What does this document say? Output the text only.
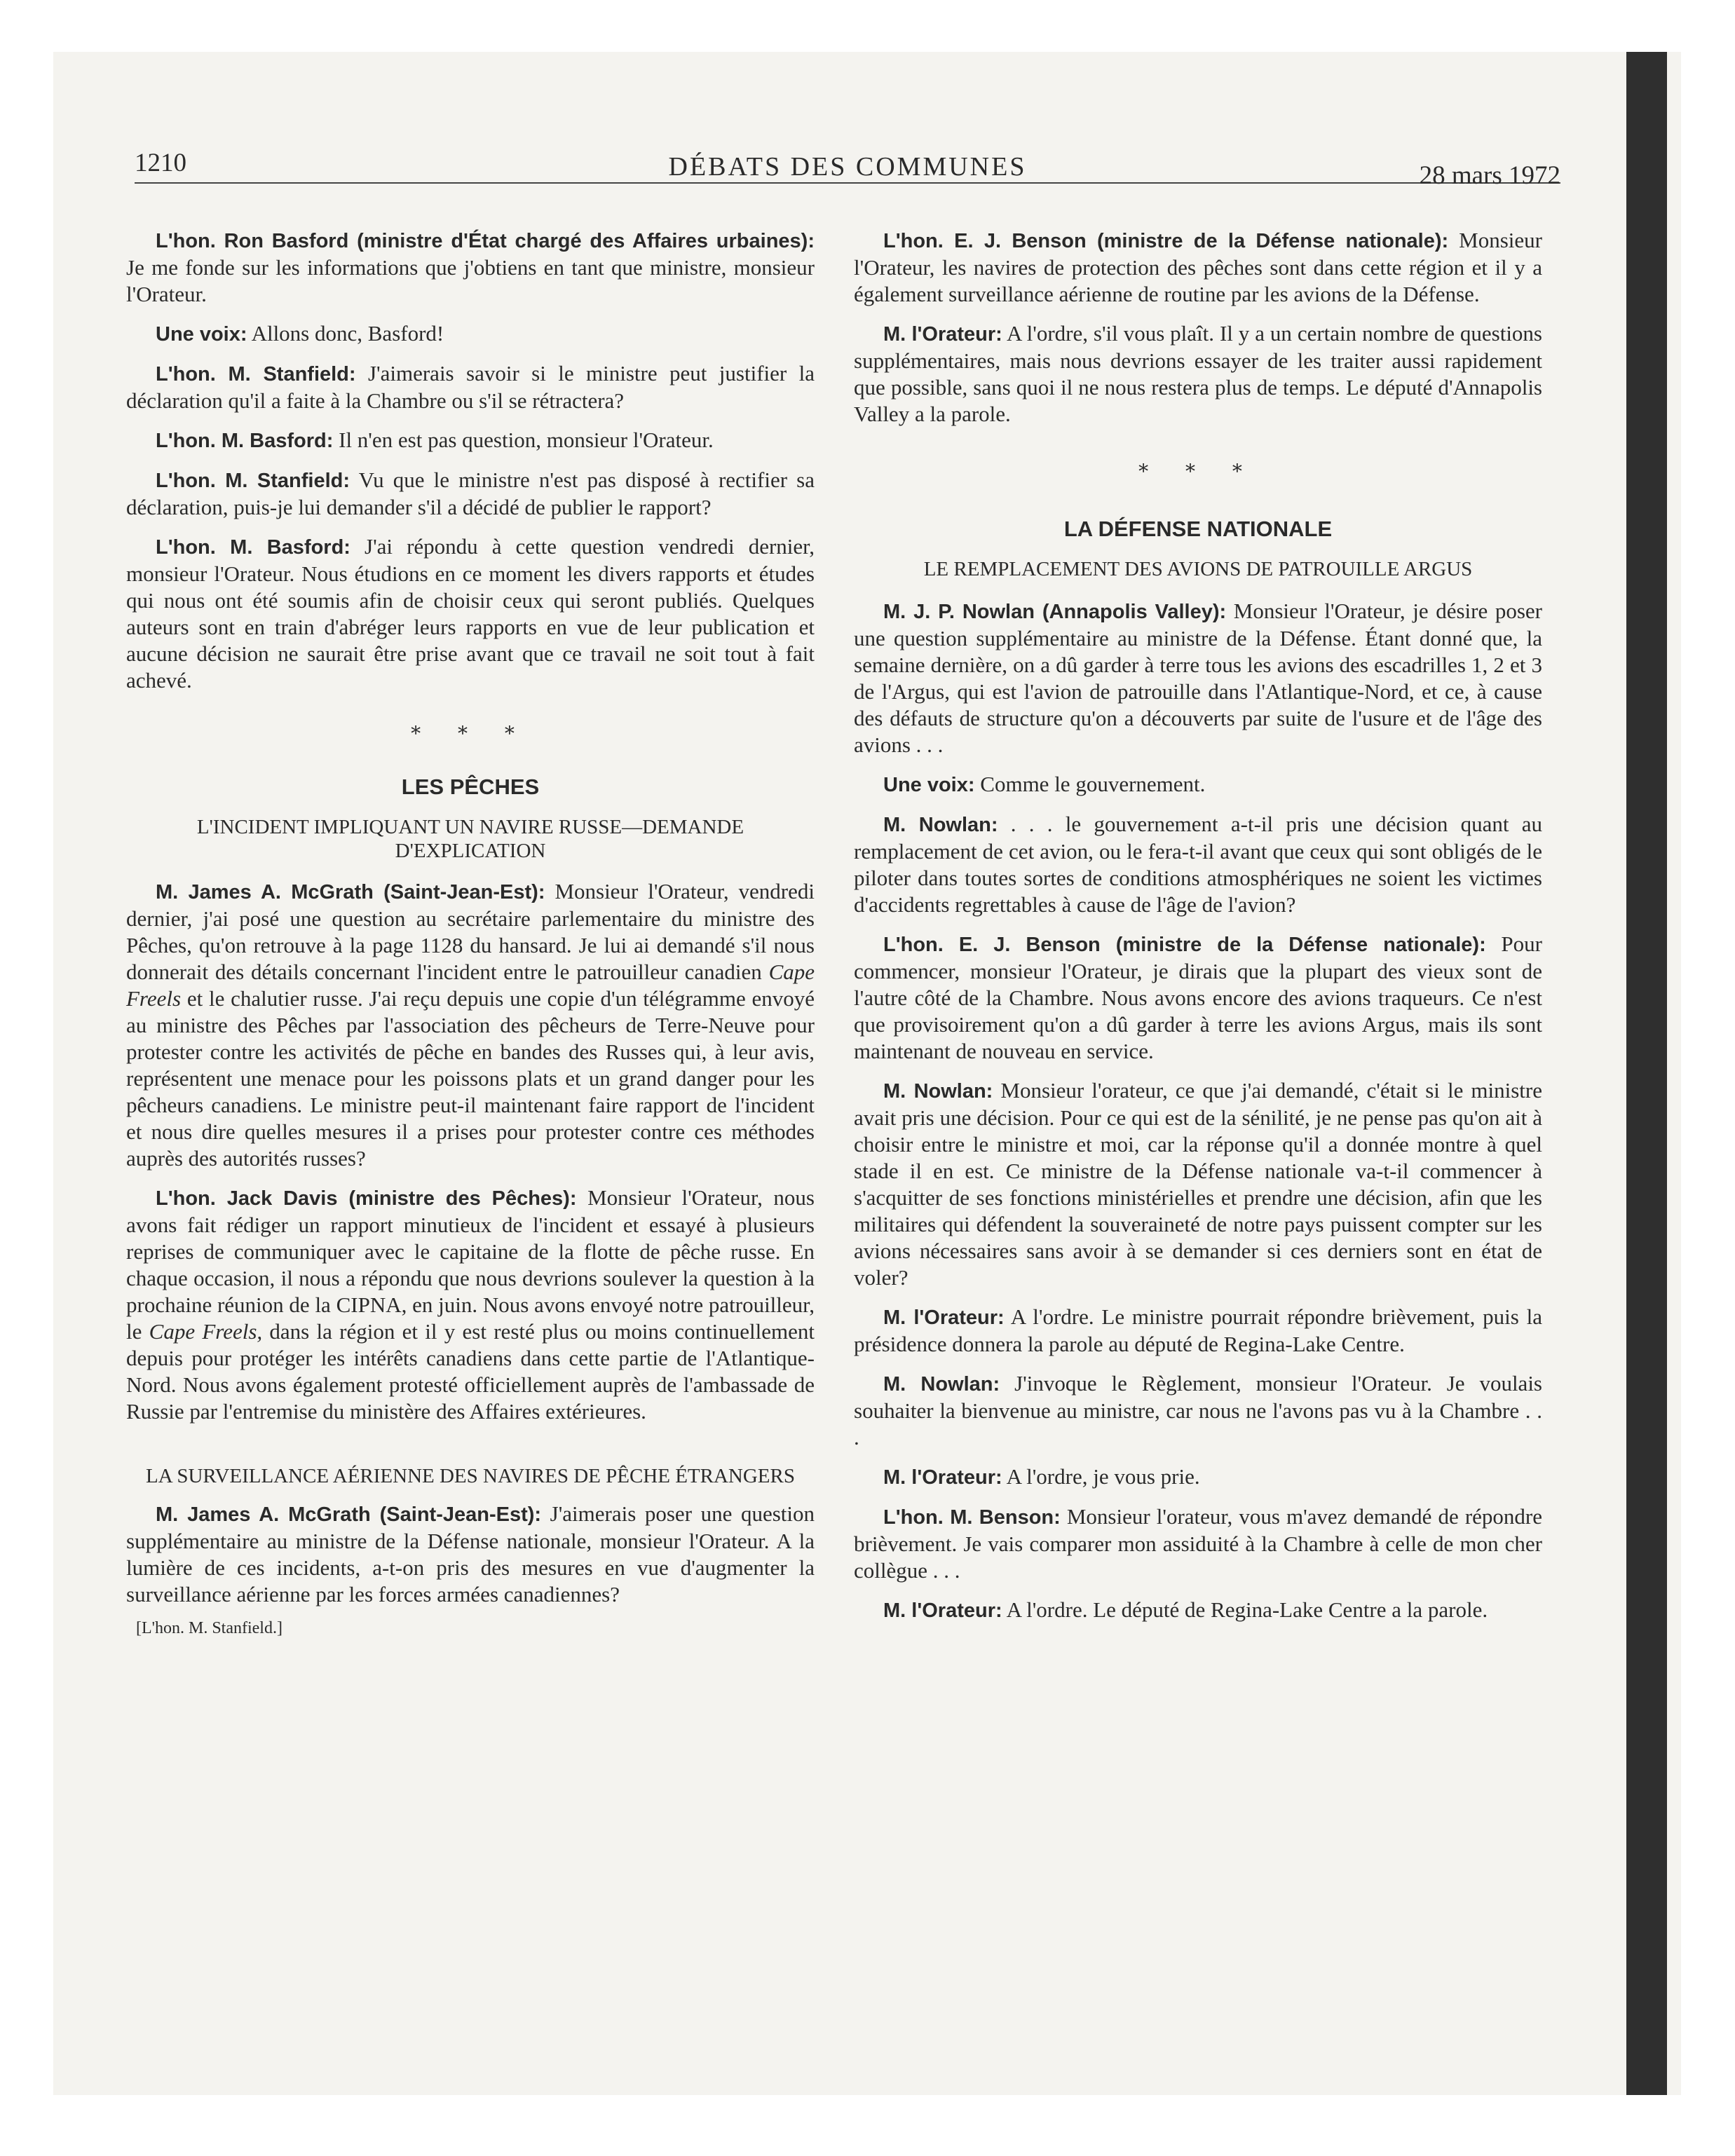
1210	DÉBATS DES COMMUNES	28 mars 1972

L'hon. Ron Basford (ministre d'État chargé des Affaires urbaines): Je me fonde sur les informations que j'obtiens en tant que ministre, monsieur l'Orateur.

Une voix: Allons donc, Basford!

L'hon. M. Stanfield: J'aimerais savoir si le ministre peut justifier la déclaration qu'il a faite à la Chambre ou s'il se rétractera?

L'hon. M. Basford: Il n'en est pas question, monsieur l'Orateur.

L'hon. M. Stanfield: Vu que le ministre n'est pas disposé à rectifier sa déclaration, puis-je lui demander s'il a décidé de publier le rapport?

L'hon. M. Basford: J'ai répondu à cette question vendredi dernier, monsieur l'Orateur. Nous étudions en ce moment les divers rapports et études qui nous ont été soumis afin de choisir ceux qui seront publiés. Quelques auteurs sont en train d'abréger leurs rapports en vue de leur publication et aucune décision ne saurait être prise avant que ce travail ne soit tout à fait achevé.

* * *

LES PÊCHES

L'INCIDENT IMPLIQUANT UN NAVIRE RUSSE—DEMANDE D'EXPLICATION

M. James A. McGrath (Saint-Jean-Est): Monsieur l'Orateur, vendredi dernier, j'ai posé une question au secrétaire parlementaire du ministre des Pêches, qu'on retrouve à la page 1128 du hansard. Je lui ai demandé s'il nous donnerait des détails concernant l'incident entre le patrouilleur canadien Cape Freels et le chalutier russe. J'ai reçu depuis une copie d'un télégramme envoyé au ministre des Pêches par l'association des pêcheurs de Terre-Neuve pour protester contre les activités de pêche en bandes des Russes qui, à leur avis, représentent une menace pour les poissons plats et un grand danger pour les pêcheurs canadiens. Le ministre peut-il maintenant faire rapport de l'incident et nous dire quelles mesures il a prises pour protester contre ces méthodes auprès des autorités russes?

L'hon. Jack Davis (ministre des Pêches): Monsieur l'Orateur, nous avons fait rédiger un rapport minutieux de l'incident et essayé à plusieurs reprises de communiquer avec le capitaine de la flotte de pêche russe. En chaque occasion, il nous a répondu que nous devrions soulever la question à la prochaine réunion de la CIPNA, en juin. Nous avons envoyé notre patrouilleur, le Cape Freels, dans la région et il y est resté plus ou moins continuellement depuis pour protéger les intérêts canadiens dans cette partie de l'Atlantique-Nord. Nous avons également protesté officiellement auprès de l'ambassade de Russie par l'entremise du ministère des Affaires extérieures.

LA SURVEILLANCE AÉRIENNE DES NAVIRES DE PÊCHE ÉTRANGERS

M. James A. McGrath (Saint-Jean-Est): J'aimerais poser une question supplémentaire au ministre de la Défense nationale, monsieur l'Orateur. A la lumière de ces incidents, a-t-on pris des mesures en vue d'augmenter la surveillance aérienne par les forces armées canadiennes?

[L'hon. M. Stanfield.]

L'hon. E. J. Benson (ministre de la Défense nationale): Monsieur l'Orateur, les navires de protection des pêches sont dans cette région et il y a également surveillance aérienne de routine par les avions de la Défense.

M. l'Orateur: A l'ordre, s'il vous plaît. Il y a un certain nombre de questions supplémentaires, mais nous devrions essayer de les traiter aussi rapidement que possible, sans quoi il ne nous restera plus de temps. Le député d'Annapolis Valley a la parole.

* * *

LA DÉFENSE NATIONALE

LE REMPLACEMENT DES AVIONS DE PATROUILLE ARGUS

M. J. P. Nowlan (Annapolis Valley): Monsieur l'Orateur, je désire poser une question supplémentaire au ministre de la Défense. Étant donné que, la semaine dernière, on a dû garder à terre tous les avions des escadrilles 1, 2 et 3 de l'Argus, qui est l'avion de patrouille dans l'Atlantique-Nord, et ce, à cause des défauts de structure qu'on a découverts par suite de l'usure et de l'âge des avions . . .

Une voix: Comme le gouvernement.

M. Nowlan: . . . le gouvernement a-t-il pris une décision quant au remplacement de cet avion, ou le fera-t-il avant que ceux qui sont obligés de le piloter dans toutes sortes de conditions atmosphériques ne soient les victimes d'accidents regrettables à cause de l'âge de l'avion?

L'hon. E. J. Benson (ministre de la Défense nationale): Pour commencer, monsieur l'Orateur, je dirais que la plupart des vieux sont de l'autre côté de la Chambre. Nous avons encore des avions traqueurs. Ce n'est que provisoirement qu'on a dû garder à terre les avions Argus, mais ils sont maintenant de nouveau en service.

M. Nowlan: Monsieur l'orateur, ce que j'ai demandé, c'était si le ministre avait pris une décision. Pour ce qui est de la sénilité, je ne pense pas qu'on ait à choisir entre le ministre et moi, car la réponse qu'il a donnée montre à quel stade il en est. Ce ministre de la Défense nationale va-t-il commencer à s'acquitter de ses fonctions ministérielles et prendre une décision, afin que les militaires qui défendent la souveraineté de notre pays puissent compter sur les avions nécessaires sans avoir à se demander si ces derniers sont en état de voler?

M. l'Orateur: A l'ordre. Le ministre pourrait répondre brièvement, puis la présidence donnera la parole au député de Regina-Lake Centre.

M. Nowlan: J'invoque le Règlement, monsieur l'Orateur. Je voulais souhaiter la bienvenue au ministre, car nous ne l'avons pas vu à la Chambre . . .

M. l'Orateur: A l'ordre, je vous prie.

L'hon. M. Benson: Monsieur l'orateur, vous m'avez demandé de répondre brièvement. Je vais comparer mon assiduité à la Chambre à celle de mon cher collègue . . .

M. l'Orateur: A l'ordre. Le député de Regina-Lake Centre a la parole.
